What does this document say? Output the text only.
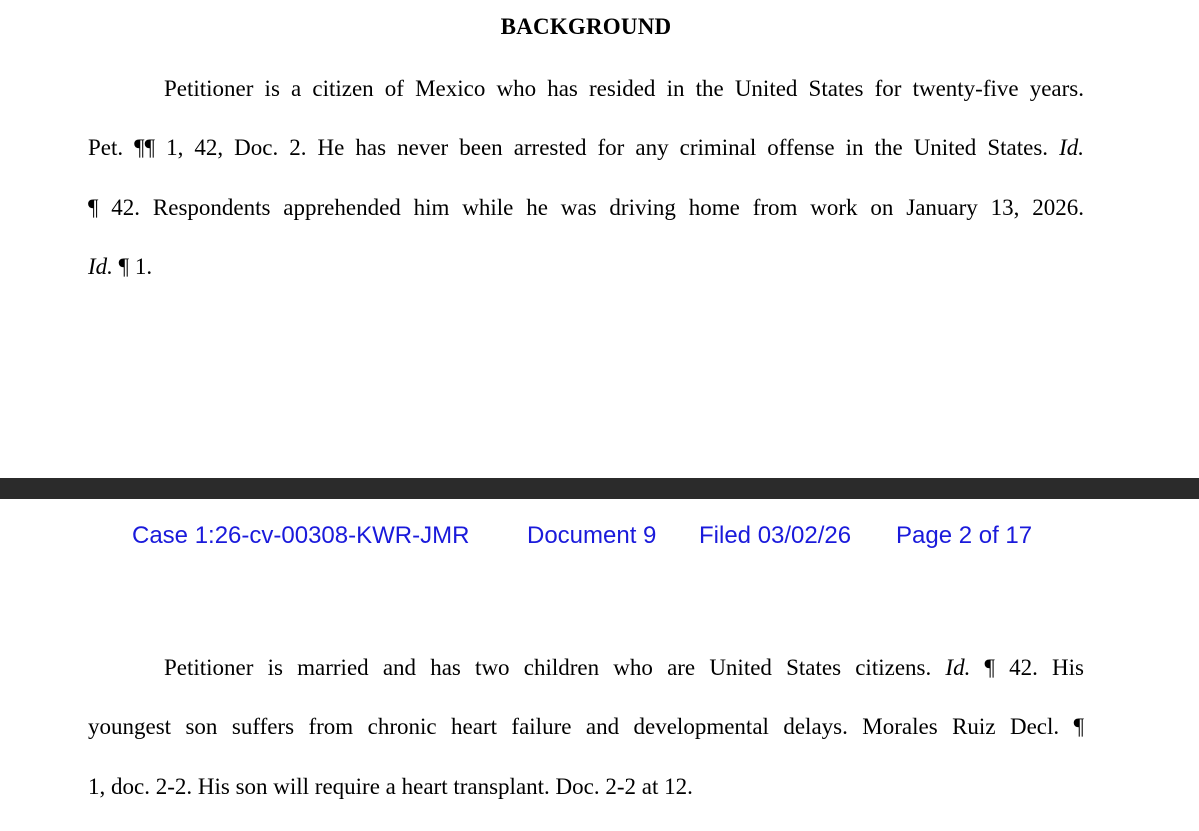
BACKGROUND
Petitioner is a citizen of Mexico who has resided in the United States for twenty-five years.
Pet. ¶¶ 1, 42, Doc. 2. He has never been arrested for any criminal offense in the United States. Id.
¶ 42. Respondents apprehended him while he was driving home from work on January 13, 2026.
Id. ¶ 1.
Case 1:26-cv-00308-KWR-JMR Document 9 Filed 03/02/26 Page 2 of 17
Petitioner is married and has two children who are United States citizens. Id. ¶ 42. His
youngest son suffers from chronic heart failure and developmental delays. Morales Ruiz Decl. ¶
1, doc. 2-2. His son will require a heart transplant. Doc. 2-2 at 12.
